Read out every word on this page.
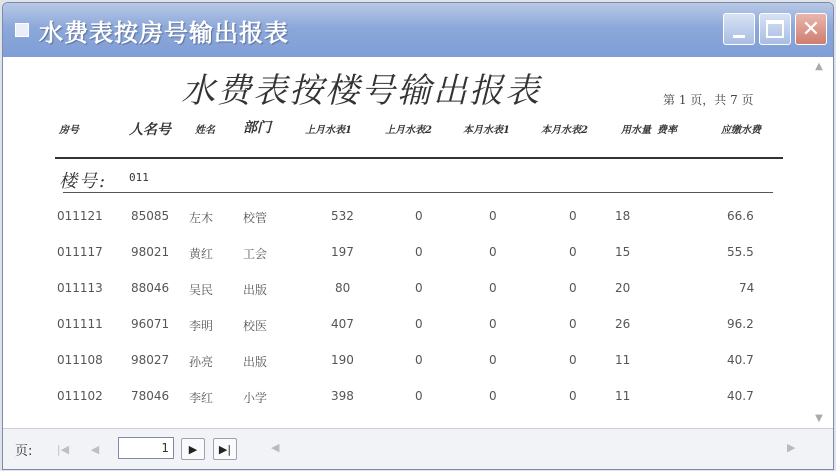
水费表按房号输出报表	✕
水费表按楼号输出报表	第 1 页，共 7 页
▲
房号	人名号 姓名 部门	上月水表1	上月水表2	本月水表1	本月水表2	用水量 费率	应缴水费
楼号: 011
011121 85085 左木 校管	532	0	0	0	18	66.6
011117 98021 黄红 工会	197	0	0	0	15	55.5
011113 88046 吴民 出版	80	0	0	0	20	74
011111 96071 李明 校医	407	0	0	0	26	96.2
011108 98027 孙亮 出版	190	0	0	0	11	40.7
011102 78046 李红 小学	398	0	0	0	11	40.7
▼
页: |◀ ◀	1	▶ ▶|	◀	▶
